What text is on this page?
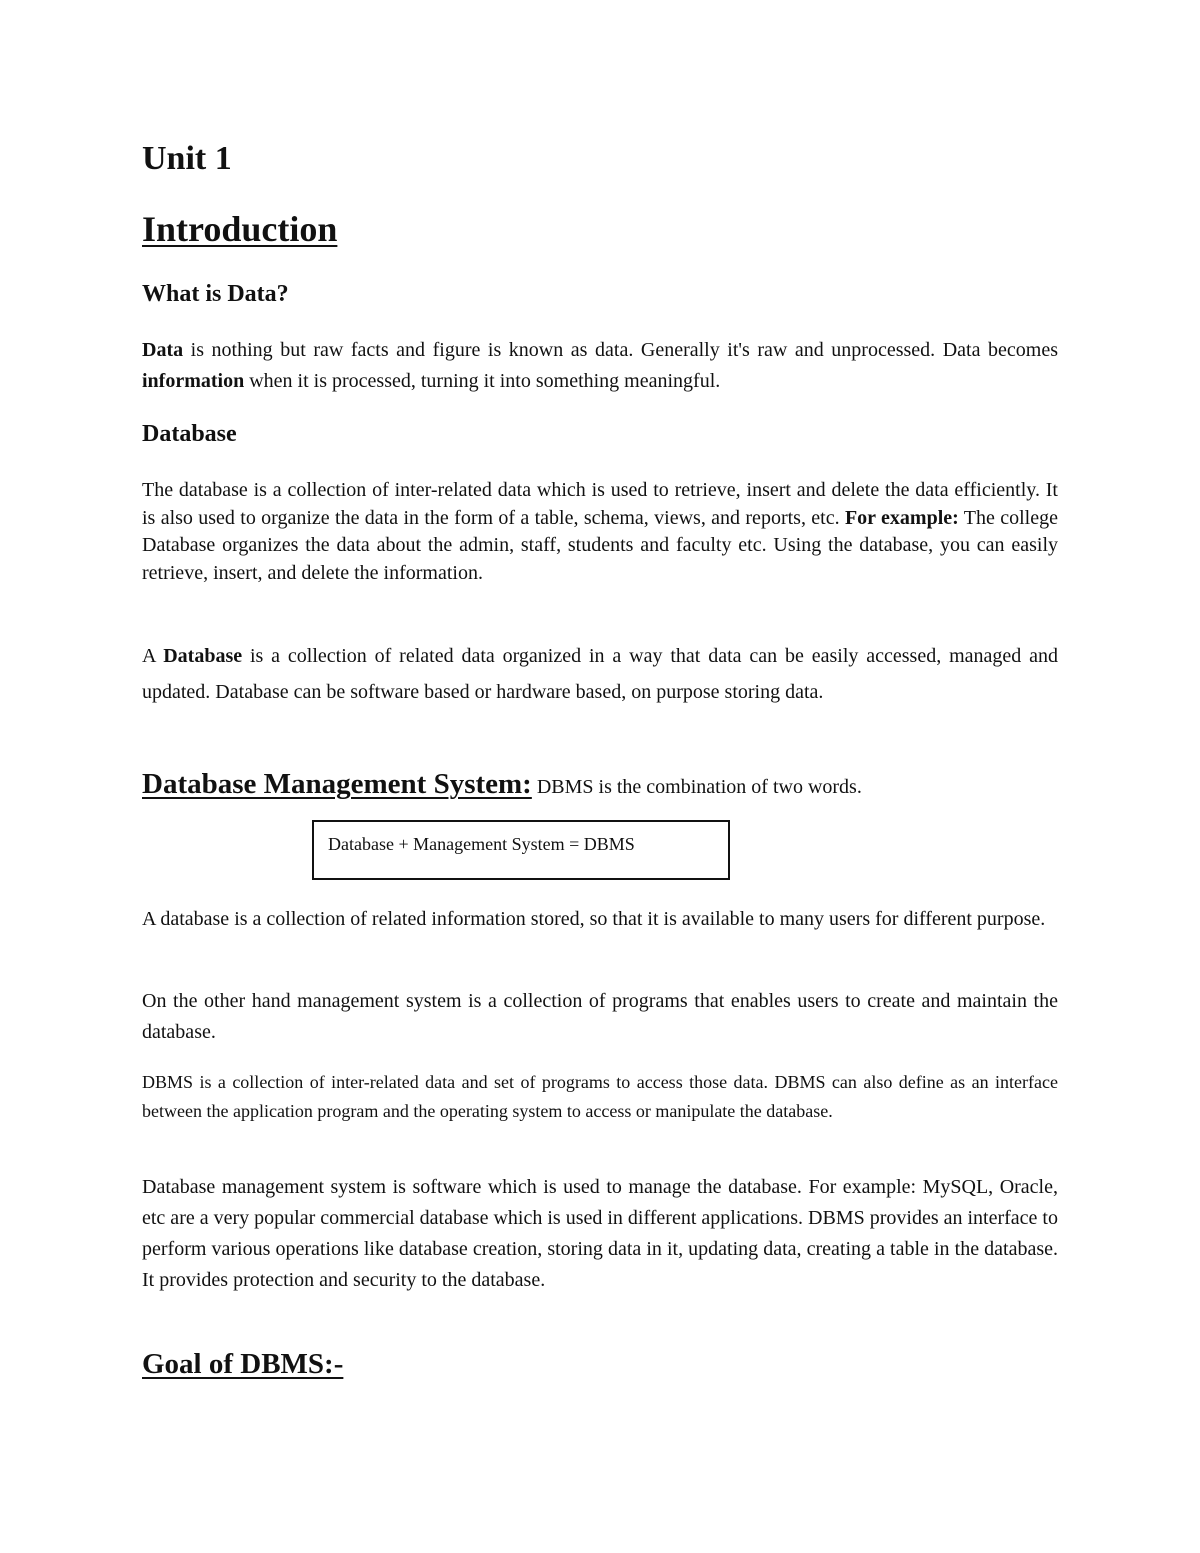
Unit 1
Introduction
What is Data?

Data is nothing but raw facts and figure is known as data. Generally it's raw and unprocessed. Data becomes information when it is processed, turning it into something meaningful.

Database

The database is a collection of inter-related data which is used to retrieve, insert and delete the data efficiently. It is also used to organize the data in the form of a table, schema, views, and reports, etc. For example: The college Database organizes the data about the admin, staff, students and faculty etc. Using the database, you can easily retrieve, insert, and delete the information.

A Database is a collection of related data organized in a way that data can be easily accessed, managed and updated. Database can be software based or hardware based, on purpose storing data.

Database Management System: DBMS is the combination of two words.

Database + Management System = DBMS

A database is a collection of related information stored, so that it is available to many users for different purpose.

On the other hand management system is a collection of programs that enables users to create and maintain the database.

DBMS is a collection of inter-related data and set of programs to access those data. DBMS can also define as an interface between the application program and the operating system to access or manipulate the database.

Database management system is software which is used to manage the database. For example: MySQL, Oracle, etc are a very popular commercial database which is used in different applications. DBMS provides an interface to perform various operations like database creation, storing data in it, updating data, creating a table in the database. It provides protection and security to the database.

Goal of DBMS:-
